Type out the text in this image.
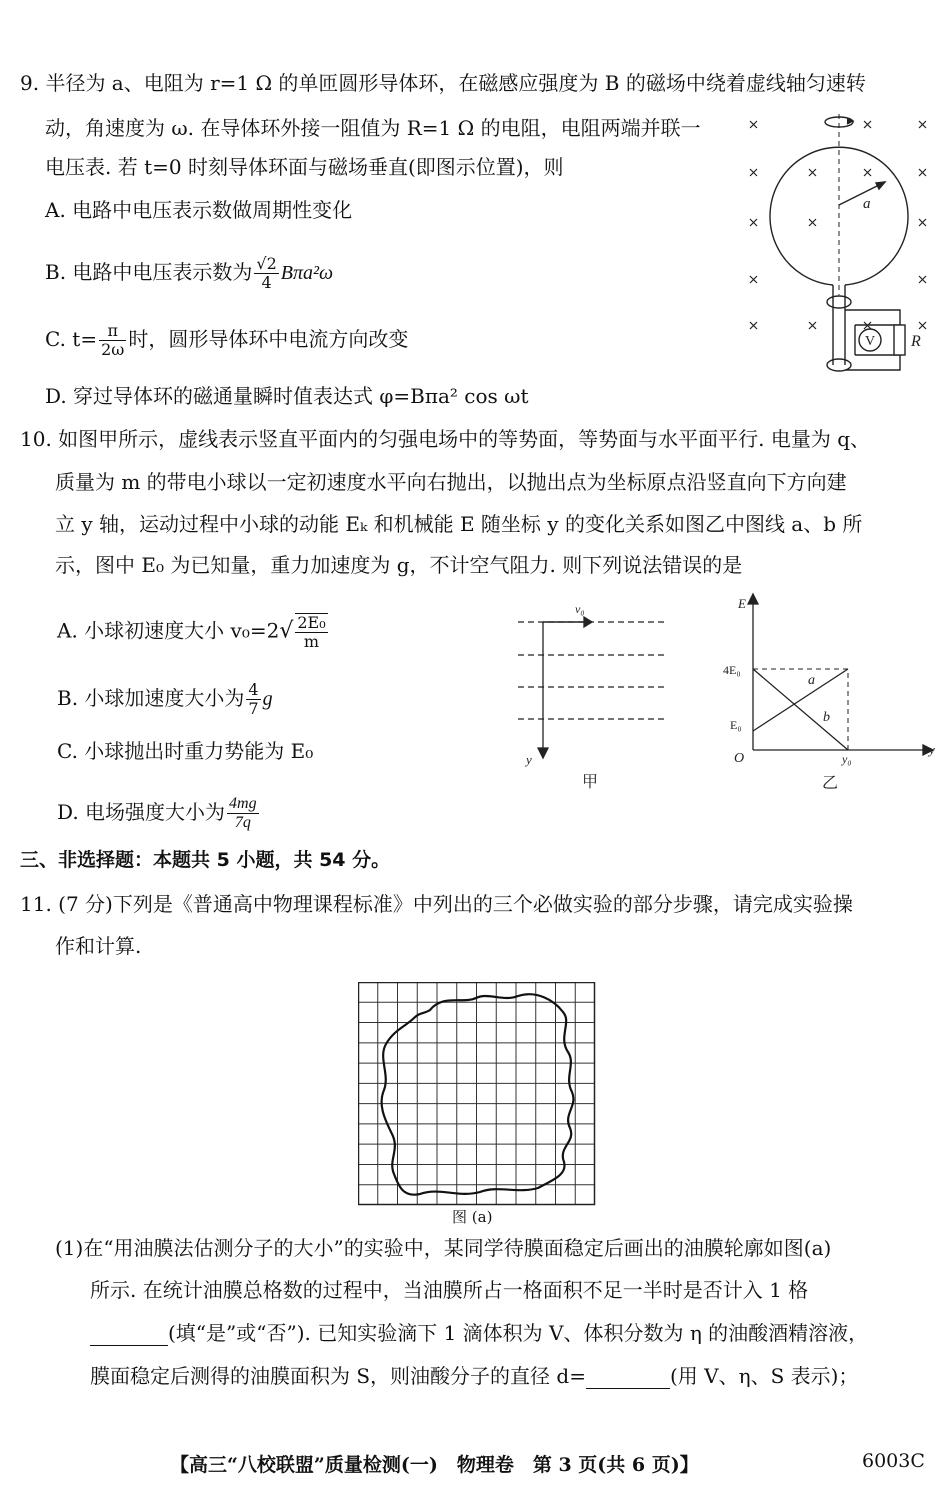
9. 半径为 a、电阻为 r=1 Ω 的单匝圆形导体环，在磁感应强度为 B 的磁场中绕着虚线轴匀速转
动，角速度为 ω. 在导体环外接一阻值为 R=1 Ω 的电阻，电阻两端并联一
电压表. 若 t=0 时刻导体环面与磁场垂直(即图示位置)，则
A. 电路中电压表示数做周期性变化
B. 电路中电压表示数为 $\frac{√2}{4} B\pi a^2\omega$
C. $t= \frac{\pi}{2\omega}$ 时，圆形导体环中电流方向改变
D. 穿过导体环的磁通量瞬时值表达式 φ=Bπa² cos ωt
a
V R
10. 如图甲所示，虚线表示竖直平面内的匀强电场中的等势面，等势面与水平面平行. 电量为 q、
质量为 m 的带电小球以一定初速度水平向右抛出，以抛出点为坐标原点沿竖直向下方向建
立 y 轴，运动过程中小球的动能 Eₖ 和机械能 E 随坐标 y 的变化关系如图乙中图线 a、b 所
示，图中 E₀ 为已知量，重力加速度为 g，不计空气阻力. 则下列说法错误的是
A. 小球初速度大小 $v_0=2√ \frac{\text{2E₀}}{m}$
B. 小球加速度大小为 $\frac{4}{7}$ g
C. 小球抛出时重力势能为 E₀
D. 电场强度大小为 $\frac{4mg}{7q}$
v₀
y
甲
E
4E₀
E₀
O	y₀
y
a
b
乙
三、非选择题：本题共 5 小题，共 54 分。
11. (7 分)下列是《普通高中物理课程标准》中列出的三个必做实验的部分步骤，请完成实验操
作和计算.
图 (a)
(1)在“用油膜法估测分子的大小”的实验中，某同学待膜面稳定后画出的油膜轮廓如图(a)
所示. 在统计油膜总格数的过程中，当油膜所占一格面积不足一半时是否计入 1 格
(填“是”或“否”). 已知实验滴下 1 滴体积为 V、体积分数为 η 的油酸酒精溶液，
膜面稳定后测得的油膜面积为 S，则油酸分子的直径 d=	(用 V、η、S 表示)；
【高三“八校联盟”质量检测(一)　物理卷　第 3 页(共 6 页)】	6003C
